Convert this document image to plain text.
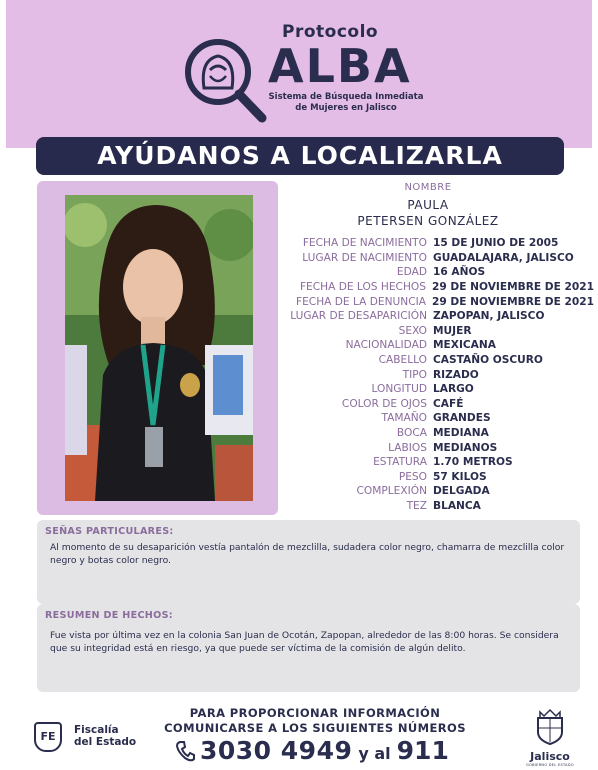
Protocolo
ALBA
Sistema de Búsqueda Inmediata
de Mujeres en Jalisco
AYÚDANOS A LOCALIZARLA
NOMBRE
PAULA
PETERSEN GONZÁLEZ
FECHA DE NACIMIENTO 15 DE JUNIO DE 2005
LUGAR DE NACIMIENTO GUADALAJARA, JALISCO
EDAD 16 AÑOS
FECHA DE LOS HECHOS 29 DE NOVIEMBRE DE 2021
FECHA DE LA DENUNCIA 29 DE NOVIEMBRE DE 2021
LUGAR DE DESAPARICIÓN ZAPOPAN, JALISCO
SEXO MUJER
NACIONALIDAD MEXICANA
CABELLO CASTAÑO OSCURO
TIPO RIZADO
LONGITUD LARGO
COLOR DE OJOS CAFÉ
TAMAÑO GRANDES
BOCA MEDIANA
LABIOS MEDIANOS
ESTATURA 1.70 METROS
PESO 57 KILOS
COMPLEXIÓN DELGADA
TEZ BLANCA
SEÑAS PARTICULARES:
Al momento de su desaparición vestía pantalón de mezclilla, sudadera color negro, chamarra de mezclilla color negro y botas color negro.
RESUMEN DE HECHOS:
Fue vista por última vez en la colonia San Juan de Ocotán, Zapopan, alrededor de las 8:00 horas. Se considera que su integridad está en riesgo, ya que puede ser víctima de la comisión de algún delito.
FE	Fiscalía
del Estado
PARA PROPORCIONAR INFORMACIÓN
COMUNICARSE A LOS SIGUIENTES NÚMEROS
3030 4949 y al 911	Jalisco
GOBIERNO DEL ESTADO
